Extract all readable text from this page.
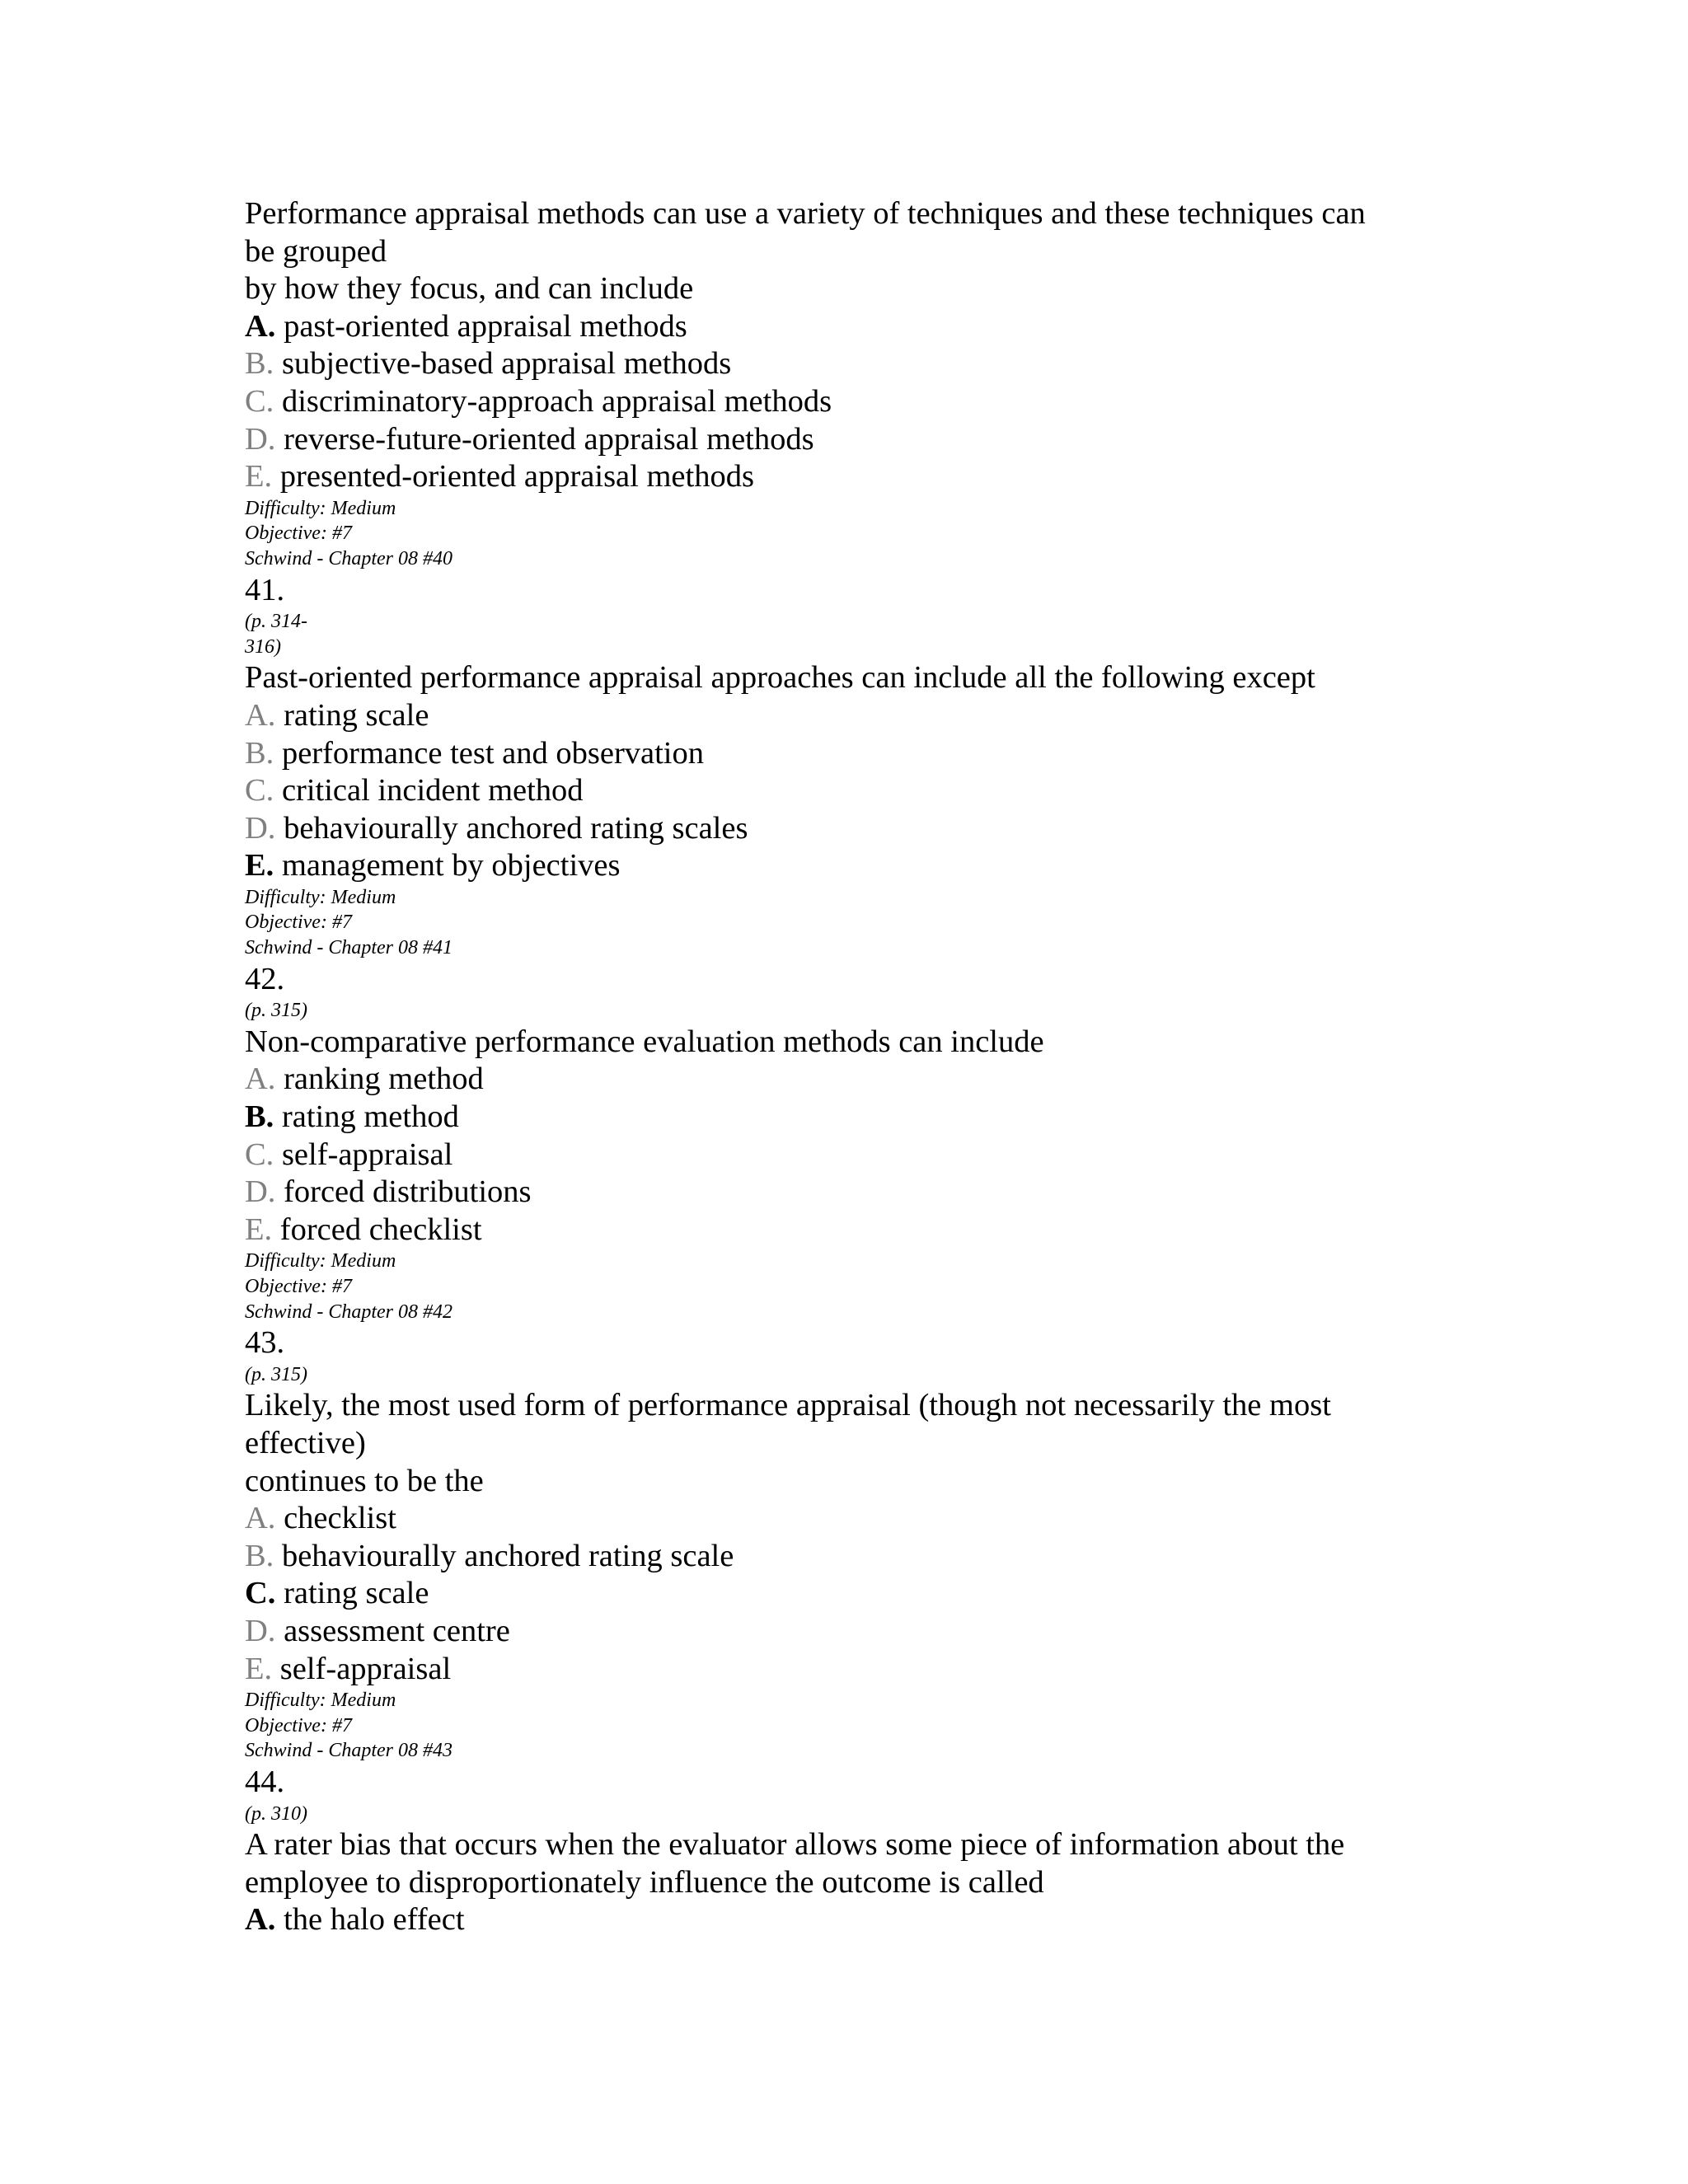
Performance appraisal methods can use a variety of techniques and these techniques can
be grouped
by how they focus, and can include
A. past-oriented appraisal methods
B. subjective-based appraisal methods
C. discriminatory-approach appraisal methods
D. reverse-future-oriented appraisal methods
E. presented-oriented appraisal methods
Difficulty: Medium
Objective: #7
Schwind - Chapter 08 #40
41.
(p. 314-
316)
Past-oriented performance appraisal approaches can include all the following except
A. rating scale
B. performance test and observation
C. critical incident method
D. behaviourally anchored rating scales
E. management by objectives
Difficulty: Medium
Objective: #7
Schwind - Chapter 08 #41
42.
(p. 315)
Non-comparative performance evaluation methods can include
A. ranking method
B. rating method
C. self-appraisal
D. forced distributions
E. forced checklist
Difficulty: Medium
Objective: #7
Schwind - Chapter 08 #42
43.
(p. 315)
Likely, the most used form of performance appraisal (though not necessarily the most
effective)
continues to be the
A. checklist
B. behaviourally anchored rating scale
C. rating scale
D. assessment centre
E. self-appraisal
Difficulty: Medium
Objective: #7
Schwind - Chapter 08 #43
44.
(p. 310)
A rater bias that occurs when the evaluator allows some piece of information about the
employee to disproportionately influence the outcome is called
A. the halo effect
